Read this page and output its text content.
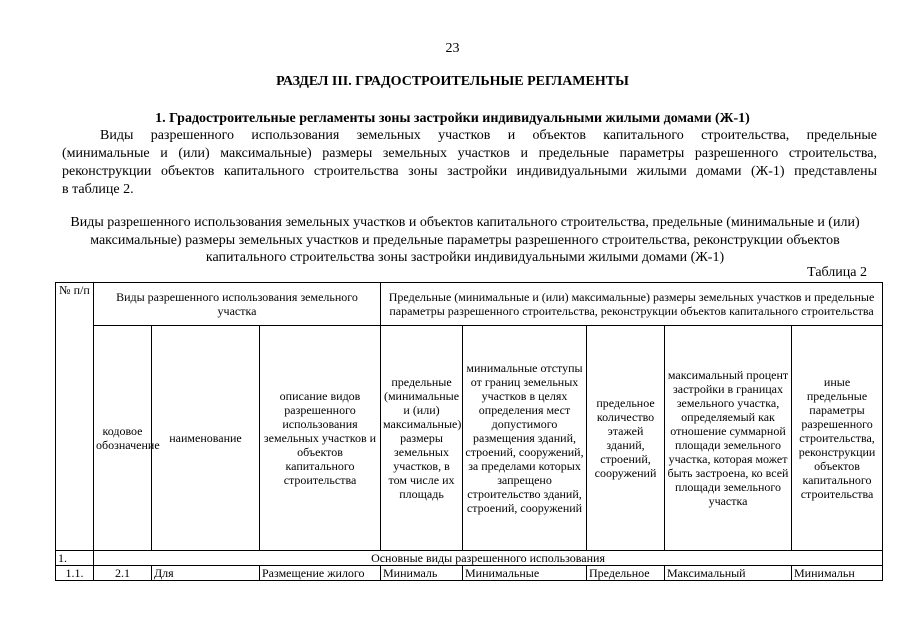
23
РАЗДЕЛ III. ГРАДОСТРОИТЕЛЬНЫЕ РЕГЛАМЕНТЫ
1. Градостроительные регламенты зоны застройки индивидуальными жилыми домами (Ж-1)
Виды разрешенного использования земельных участков и объектов капитального строительства, предельные
(минимальные и (или) максимальные) размеры земельных участков и предельные параметры разрешенного строительства,
реконструкции объектов капитального строительства зоны застройки индивидуальными жилыми домами (Ж-1) представлены
в таблице 2.
Виды разрешенного использования земельных участков и объектов капитального строительства, предельные (минимальные и (или) максимальные) размеры земельных участков и предельные параметры разрешенного строительства, реконструкции объектов капитального строительства зоны застройки индивидуальными жилыми домами (Ж-1)
Таблица 2
№ п/п	Виды разрешенного использования земельного участка			Предельные (минимальные и (или) максимальные) размеры земельных участков и предельные параметры разрешенного строительства, реконструкции объектов капитального строительства				
	кодовое обозначение	наименование	описание видов разрешенного использования земельных участков и объектов капитального строительства	предельные (минимальные и (или) максимальные) размеры земельных участков, в том числе их площадь	минимальные отступы от границ земельных участков в целях определения мест допустимого размещения зданий, строений, сооружений, за пределами которых запрещено строительство зданий, строений, сооружений	предельное количество этажей зданий, строений, сооружений	максимальный процент застройки в границах земельного участка, определяемый как отношение суммарной площади земельного участка, которая может быть застроена, ко всей площади земельного участка	иные предельные параметры разрешенного строительства, реконструкции объектов капитального строительства
1.	Основные виды разрешенного использования							
1.1.	2.1	Для	Размещение жилого	Минималь	Минимальные	Предельное	Максимальный	Минимальн
